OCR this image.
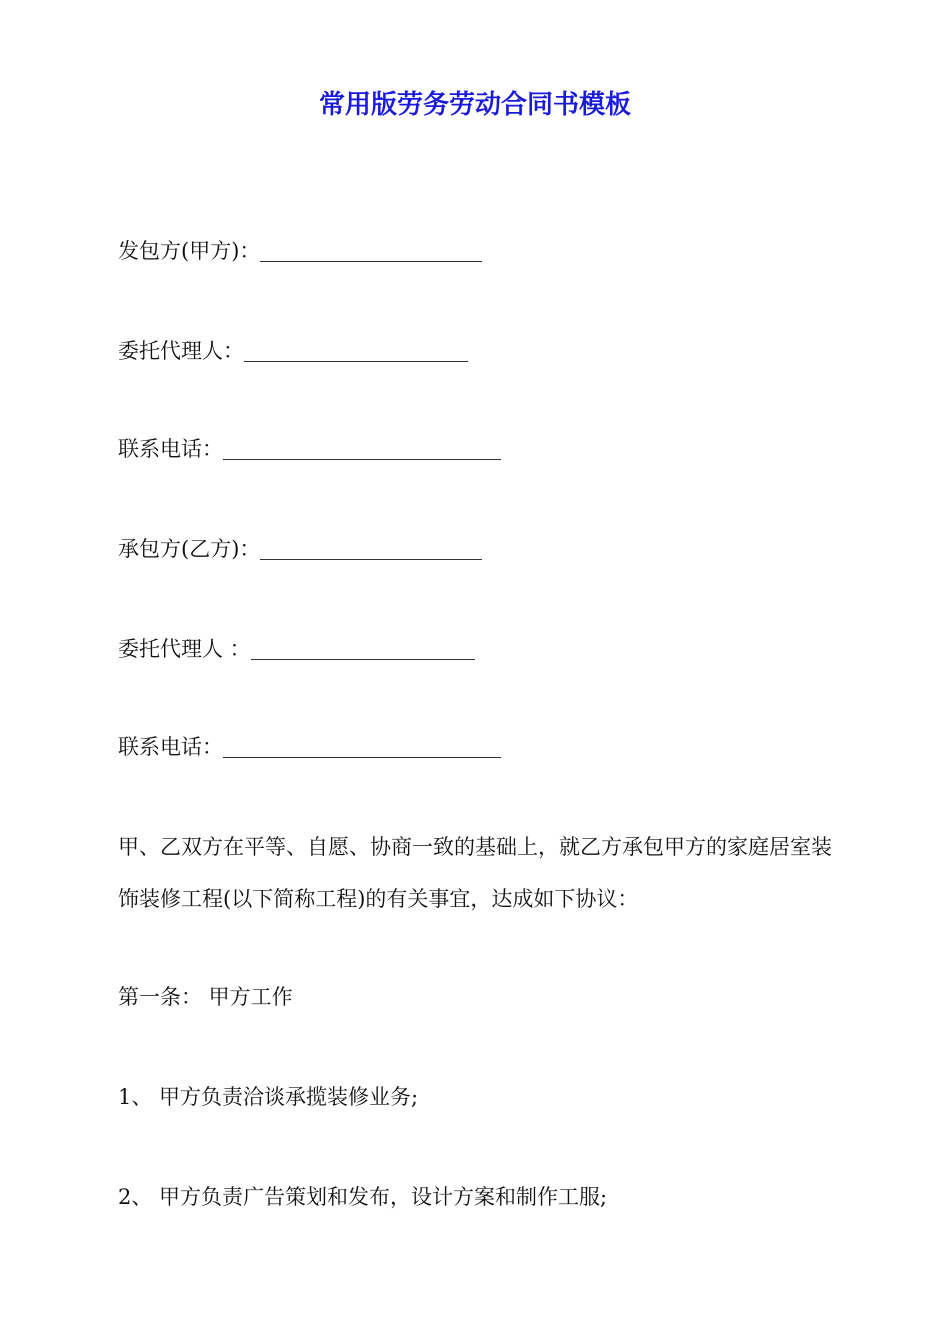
常用版劳务劳动合同书模板
发包方(甲方)：
委托代理人：
联系电话：
承包方(乙方)：
委托代理人 ：
联系电话：
甲、乙双方在平等、自愿、协商一致的基础上，就乙方承包甲方的家庭居室装
饰装修工程(以下简称工程)的有关事宜，达成如下协议：
第一条： 甲方工作
1、 甲方负责洽谈承揽装修业务;
2、 甲方负责广告策划和发布，设计方案和制作工服;
